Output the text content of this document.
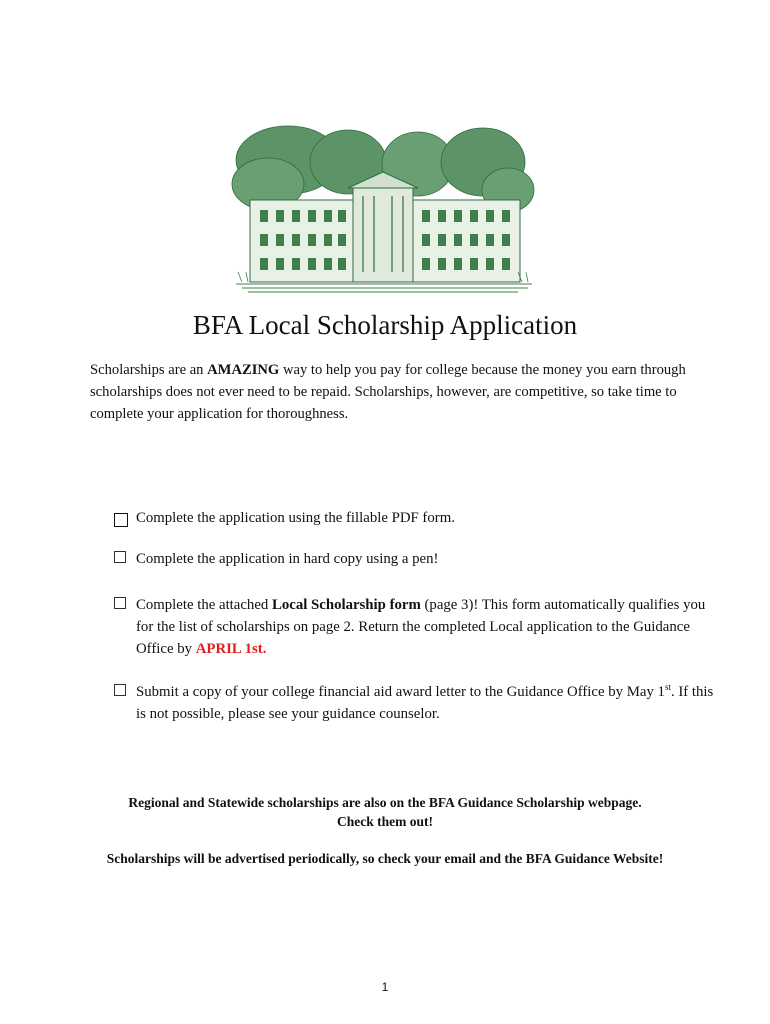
BFA Local Scholarship Application

Scholarships are an AMAZING way to help you pay for college because the money you earn through scholarships does not ever need to be repaid. Scholarships, however, are competitive, so take time to complete your application for thoroughness.

Complete the application using the fillable PDF form.

Complete the application in hard copy using a pen!

Complete the attached Local Scholarship form (page 3)! This form automatically qualifies you for the list of scholarships on page 2. Return the completed Local application to the Guidance Office by APRIL 1st.

Submit a copy of your college financial aid award letter to the Guidance Office by May 1st. If this is not possible, please see your guidance counselor.

Regional and Statewide scholarships are also on the BFA Guidance Scholarship webpage.

Check them out!

Scholarships will be advertised periodically, so check your email and the BFA Guidance Website!

1
